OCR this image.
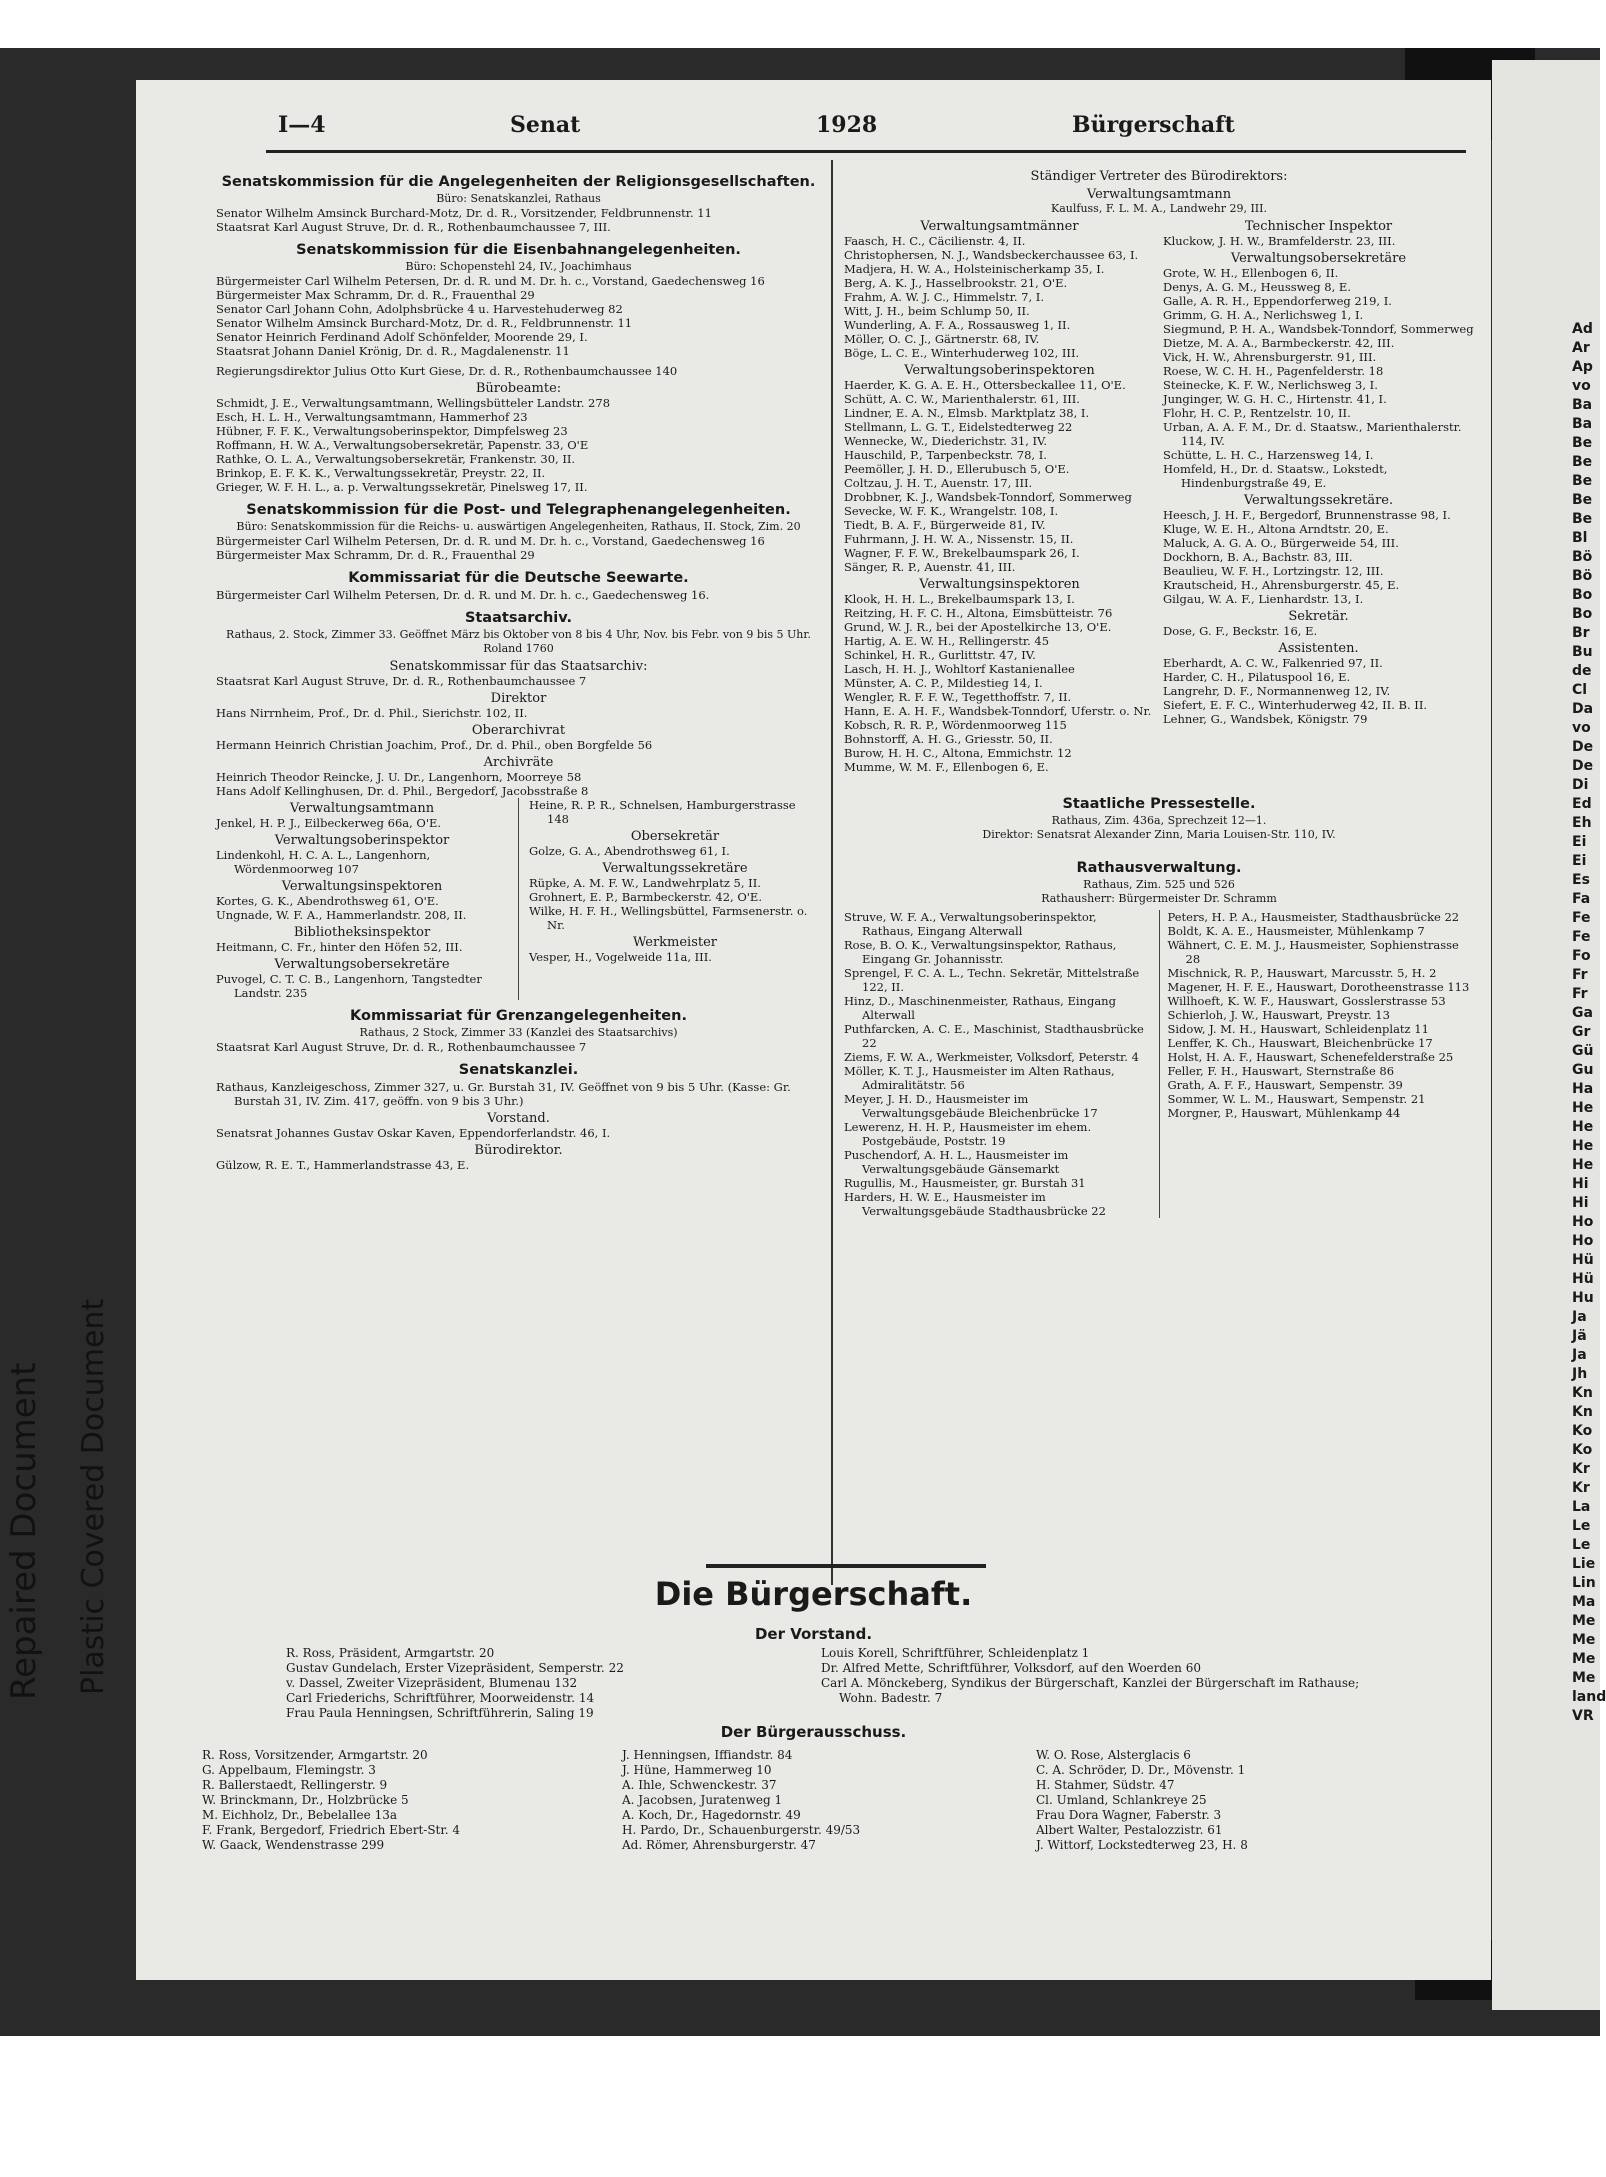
Repaired Document Plastic Covered Document
Ad
Ar
Ap
vo
Ba
Ba
Be
Be
Be
Be
Be
Bl
Bö
Bö
Bo
Bo
Br
Bu
de
Cl
Da
vo
De
De
Di
Ed
Eh
Ei
Ei
Es
Fa
Fe
Fe
Fo
Fr
Fr
Ga
Gr
Gü
Gu
Ha
He
He
He
He
Hi
Hi
Ho
Ho
Hü
Hü
Hu
Ja
Jä
Ja
Jh
Kn
Kn
Ko
Ko
Kr
Kr
La
Le
Le
Lie
Lin
Ma
Me
Me
Me
Me
land
VR
I—4	Senat	1928	Bürgerschaft
Senatskommission für die Angelegenheiten der Religionsgesellschaften.
Büro: Senatskanzlei, Rathaus
Senator Wilhelm Amsinck Burchard-Motz, Dr. d. R., Vorsitzender, Feldbrunnenstr. 11
Staatsrat Karl August Struve, Dr. d. R., Rothenbaumchaussee 7, III.
Senatskommission für die Eisenbahnangelegenheiten.
Büro: Schopenstehl 24, IV., Joachimhaus
Bürgermeister Carl Wilhelm Petersen, Dr. d. R. und M. Dr. h. c., Vorstand, Gaedechensweg 16
Bürgermeister Max Schramm, Dr. d. R., Frauenthal 29
Senator Carl Johann Cohn, Adolphsbrücke 4 u. Harvestehuderweg 82
Senator Wilhelm Amsinck Burchard-Motz, Dr. d. R., Feldbrunnenstr. 11
Senator Heinrich Ferdinand Adolf Schönfelder, Moorende 29, I.
Staatsrat Johann Daniel Krönig, Dr. d. R., Magdalenenstr. 11
Regierungsdirektor Julius Otto Kurt Giese, Dr. d. R., Rothenbaumchaussee 140
Bürobeamte:
Schmidt, J. E., Verwaltungsamtmann, Wellingsbütteler Landstr. 278
Esch, H. L. H., Verwaltungsamtmann, Hammerhof 23
Hübner, F. F. K., Verwaltungsoberinspektor, Dimpfelsweg 23
Roffmann, H. W. A., Verwaltungsobersekretär, Papenstr. 33, O'E
Rathke, O. L. A., Verwaltungsobersekretär, Frankenstr. 30, II.
Brinkop, E. F. K. K., Verwaltungssekretär, Preystr. 22, II.
Grieger, W. F. H. L., a. p. Verwaltungssekretär, Pinelsweg 17, II.
Senatskommission für die Post- und Telegraphenangelegenheiten.
Büro: Senatskommission für die Reichs- u. auswärtigen Angelegenheiten, Rathaus, II. Stock, Zim. 20
Bürgermeister Carl Wilhelm Petersen, Dr. d. R. und M. Dr. h. c., Vorstand, Gaedechensweg 16
Bürgermeister Max Schramm, Dr. d. R., Frauenthal 29
Kommissariat für die Deutsche Seewarte.
Bürgermeister Carl Wilhelm Petersen, Dr. d. R. und M. Dr. h. c., Gaedechensweg 16.
Staatsarchiv.
Rathaus, 2. Stock, Zimmer 33. Geöffnet März bis Oktober von 8 bis 4 Uhr, Nov. bis Febr. von 9 bis 5 Uhr. Roland 1760
Senatskommissar für das Staatsarchiv:
Staatsrat Karl August Struve, Dr. d. R., Rothenbaumchaussee 7
Direktor
Hans Nirrnheim, Prof., Dr. d. Phil., Sierichstr. 102, II.
Oberarchivrat
Hermann Heinrich Christian Joachim, Prof., Dr. d. Phil., oben Borgfelde 56
Archivräte
Heinrich Theodor Reincke, J. U. Dr., Langenhorn, Moorreye 58
Hans Adolf Kellinghusen, Dr. d. Phil., Bergedorf, Jacobsstraße 8
Verwaltungsamtmann
Jenkel, H. P. J., Eilbeckerweg 66a, O'E.
Verwaltungsoberinspektor
Lindenkohl, H. C. A. L., Langenhorn, Wördenmoorweg 107
Verwaltungsinspektoren
Kortes, G. K., Abendrothsweg 61, O'E.
Ungnade, W. F. A., Hammerlandstr. 208, II.
Bibliotheksinspektor
Heitmann, C. Fr., hinter den Höfen 52, III.
Verwaltungsobersekretäre
Puvogel, C. T. C. B., Langenhorn, Tangstedter Landstr. 235
Heine, R. P. R., Schnelsen, Hamburgerstrasse 148
Obersekretär
Golze, G. A., Abendrothsweg 61, I.
Verwaltungssekretäre
Rüpke, A. M. F. W., Landwehrplatz 5, II.
Grohnert, E. P., Barmbeckerstr. 42, O'E.
Wilke, H. F. H., Wellingsbüttel, Farmsenerstr. o. Nr.
Werkmeister
Vesper, H., Vogelweide 11a, III.
Kommissariat für Grenzangelegenheiten.
Rathaus, 2 Stock, Zimmer 33 (Kanzlei des Staatsarchivs)
Staatsrat Karl August Struve, Dr. d. R., Rothenbaumchaussee 7
Senatskanzlei.
Rathaus, Kanzleigeschoss, Zimmer 327, u. Gr. Burstah 31, IV. Geöffnet von 9 bis 5 Uhr. (Kasse: Gr. Burstah 31, IV. Zim. 417, geöffn. von 9 bis 3 Uhr.)
Vorstand.
Senatsrat Johannes Gustav Oskar Kaven, Eppendorferlandstr. 46, I.
Bürodirektor.
Gülzow, R. E. T., Hammerlandstrasse 43, E.
Ständiger Vertreter des Bürodirektors:
Verwaltungsamtmann
Kaulfuss, F. L. M. A., Landwehr 29, III.
Verwaltungsamtmänner
Faasch, H. C., Cäcilienstr. 4, II.
Christophersen, N. J., Wandsbeckerchaussee 63, I.
Madjera, H. W. A., Holsteinischerkamp 35, I.
Berg, A. K. J., Hasselbrookstr. 21, O'E.
Frahm, A. W. J. C., Himmelstr. 7, I.
Witt, J. H., beim Schlump 50, II.
Wunderling, A. F. A., Rossausweg 1, II.
Möller, O. C. J., Gärtnerstr. 68, IV.
Böge, L. C. E., Winterhuderweg 102, III.
Verwaltungsoberinspektoren
Haerder, K. G. A. E. H., Ottersbeckallee 11, O'E.
Schütt, A. C. W., Marienthalerstr. 61, III.
Lindner, E. A. N., Elmsb. Marktplatz 38, I.
Stellmann, L. G. T., Eidelstedterweg 22
Wennecke, W., Diederichstr. 31, IV.
Hauschild, P., Tarpenbeckstr. 78, I.
Peemöller, J. H. D., Ellerubusch 5, O'E.
Coltzau, J. H. T., Auenstr. 17, III.
Drobbner, K. J., Wandsbek-Tonndorf, Sommerweg
Sevecke, W. F. K., Wrangelstr. 108, I.
Tiedt, B. A. F., Bürgerweide 81, IV.
Fuhrmann, J. H. W. A., Nissenstr. 15, II.
Wagner, F. F. W., Brekelbaumspark 26, I.
Sänger, R. P., Auenstr. 41, III.
Verwaltungsinspektoren
Klook, H. H. L., Brekelbaumspark 13, I.
Reitzing, H. F. C. H., Altona, Eimsbütteistr. 76
Grund, W. J. R., bei der Apostelkirche 13, O'E.
Hartig, A. E. W. H., Rellingerstr. 45
Schinkel, H. R., Gurlittstr. 47, IV.
Lasch, H. H. J., Wohltorf Kastanienallee
Münster, A. C. P., Mildestieg 14, I.
Wengler, R. F. F. W., Tegetthoffstr. 7, II.
Hann, E. A. H. F., Wandsbek-Tonndorf, Uferstr. o. Nr.
Kobsch, R. R. P., Wördenmoorweg 115
Bohnstorff, A. H. G., Griesstr. 50, II.
Burow, H. H. C., Altona, Emmichstr. 12
Mumme, W. M. F., Ellenbogen 6, E.
Technischer Inspektor
Kluckow, J. H. W., Bramfelderstr. 23, III.
Verwaltungsobersekretäre
Grote, W. H., Ellenbogen 6, II.
Denys, A. G. M., Heussweg 8, E.
Galle, A. R. H., Eppendorferweg 219, I.
Grimm, G. H. A., Nerlichsweg 1, I.
Siegmund, P. H. A., Wandsbek-Tonndorf, Sommerweg
Dietze, M. A. A., Barmbeckerstr. 42, III.
Vick, H. W., Ahrensburgerstr. 91, III.
Roese, W. C. H. H., Pagenfelderstr. 18
Steinecke, K. F. W., Nerlichsweg 3, I.
Junginger, W. G. H. C., Hirtenstr. 41, I.
Flohr, H. C. P., Rentzelstr. 10, II.
Urban, A. A. F. M., Dr. d. Staatsw., Marienthalerstr. 114, IV.
Schütte, L. H. C., Harzensweg 14, I.
Homfeld, H., Dr. d. Staatsw., Lokstedt, Hindenburgstraße 49, E.
Verwaltungssekretäre.
Heesch, J. H. F., Bergedorf, Brunnenstrasse 98, I.
Kluge, W. E. H., Altona Arndtstr. 20, E.
Maluck, A. G. A. O., Bürgerweide 54, III.
Dockhorn, B. A., Bachstr. 83, III.
Beaulieu, W. F. H., Lortzingstr. 12, III.
Krautscheid, H., Ahrensburgerstr. 45, E.
Gilgau, W. A. F., Lienhardstr. 13, I.
Sekretär.
Dose, G. F., Beckstr. 16, E.
Assistenten.
Eberhardt, A. C. W., Falkenried 97, II.
Harder, C. H., Pilatuspool 16, E.
Langrehr, D. F., Normannenweg 12, IV.
Siefert, E. F. C., Winterhuderweg 42, II. B. II.
Lehner, G., Wandsbek, Königstr. 79
Staatliche Pressestelle.
Rathaus, Zim. 436a, Sprechzeit 12—1.
Direktor: Senatsrat Alexander Zinn, Maria Louisen-Str. 110, IV.
Rathausverwaltung.
Rathaus, Zim. 525 und 526
Rathausherr: Bürgermeister Dr. Schramm
Struve, W. F. A., Verwaltungsoberinspektor, Rathaus, Eingang Alterwall
Rose, B. O. K., Verwaltungsinspektor, Rathaus, Eingang Gr. Johannisstr.
Sprengel, F. C. A. L., Techn. Sekretär, Mittelstraße 122, II.
Hinz, D., Maschinenmeister, Rathaus, Eingang Alterwall
Puthfarcken, A. C. E., Maschinist, Stadthausbrücke 22
Ziems, F. W. A., Werkmeister, Volksdorf, Peterstr. 4
Möller, K. T. J., Hausmeister im Alten Rathaus, Admiralitätstr. 56
Meyer, J. H. D., Hausmeister im Verwaltungsgebäude Bleichenbrücke 17
Lewerenz, H. H. P., Hausmeister im ehem. Postgebäude, Poststr. 19
Puschendorf, A. H. L., Hausmeister im Verwaltungsgebäude Gänsemarkt
Rugullis, M., Hausmeister, gr. Burstah 31
Harders, H. W. E., Hausmeister im Verwaltungsgebäude Stadthausbrücke 22
Peters, H. P. A., Hausmeister, Stadthausbrücke 22
Boldt, K. A. E., Hausmeister, Mühlenkamp 7
Wähnert, C. E. M. J., Hausmeister, Sophienstrasse 28
Mischnick, R. P., Hauswart, Marcusstr. 5, H. 2
Magener, H. F. E., Hauswart, Dorotheenstrasse 113
Willhoeft, K. W. F., Hauswart, Gosslerstrasse 53
Schierloh, J. W., Hauswart, Preystr. 13
Sidow, J. M. H., Hauswart, Schleidenplatz 11
Lenffer, K. Ch., Hauswart, Bleichenbrücke 17
Holst, H. A. F., Hauswart, Schenefelderstraße 25
Feller, F. H., Hauswart, Sternstraße 86
Grath, A. F. F., Hauswart, Sempenstr. 39
Sommer, W. L. M., Hauswart, Sempenstr. 21
Morgner, P., Hauswart, Mühlenkamp 44
Die Bürgerschaft.
Der Vorstand.
R. Ross, Präsident, Armgartstr. 20
Gustav Gundelach, Erster Vizepräsident, Semperstr. 22
v. Dassel, Zweiter Vizepräsident, Blumenau 132
Carl Friederichs, Schriftführer, Moorweidenstr. 14
Frau Paula Henningsen, Schriftführerin, Saling 19
Louis Korell, Schriftführer, Schleidenplatz 1
Dr. Alfred Mette, Schriftführer, Volksdorf, auf den Woerden 60
Carl A. Mönckeberg, Syndikus der Bürgerschaft, Kanzlei der Bürgerschaft im Rathause; Wohn. Badestr. 7
Der Bürgerausschuss.
R. Ross, Vorsitzender, Armgartstr. 20
G. Appelbaum, Flemingstr. 3
R. Ballerstaedt, Rellingerstr. 9
W. Brinckmann, Dr., Holzbrücke 5
M. Eichholz, Dr., Bebelallee 13a
F. Frank, Bergedorf, Friedrich Ebert-Str. 4
W. Gaack, Wendenstrasse 299
J. Henningsen, Iffiandstr. 84
J. Hüne, Hammerweg 10
A. Ihle, Schwenckestr. 37
A. Jacobsen, Juratenweg 1
A. Koch, Dr., Hagedornstr. 49
H. Pardo, Dr., Schauenburgerstr. 49/53
Ad. Römer, Ahrensburgerstr. 47
W. O. Rose, Alsterglacis 6
C. A. Schröder, D. Dr., Mövenstr. 1
H. Stahmer, Südstr. 47
Cl. Umland, Schlankreye 25
Frau Dora Wagner, Faberstr. 3
Albert Walter, Pestalozzistr. 61
J. Wittorf, Lockstedterweg 23, H. 8
